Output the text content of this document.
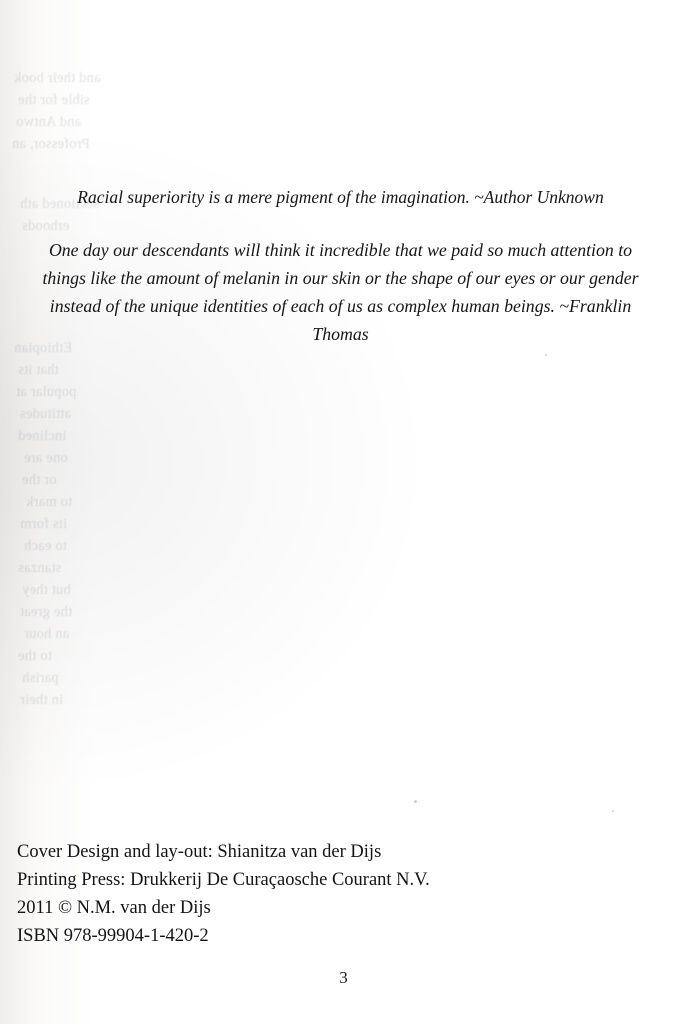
and their book
sible for the
and Antwo
Professor, an
sectioned ath
erhoods
Ethiopian
that its
popular at
attitudes
inclined
one are
or the
to mark
its form
to each
stanzas
but they
the great
an hour
to the
parish
in their

Racial superiority is a mere pigment of the imagination. ~Author Unknown

One day our descendants will think it incredible that we paid so much attention to things like the amount of melanin in our skin or the shape of our eyes or our gender instead of the unique identities of each of us as complex human beings. ~Franklin Thomas

Cover Design and lay-out: Shianitza van der Dijs
Printing Press: Drukkerij De Curaçaosche Courant N.V.
2011 © N.M. van der Dijs
ISBN 978-99904-1-420-2
3
